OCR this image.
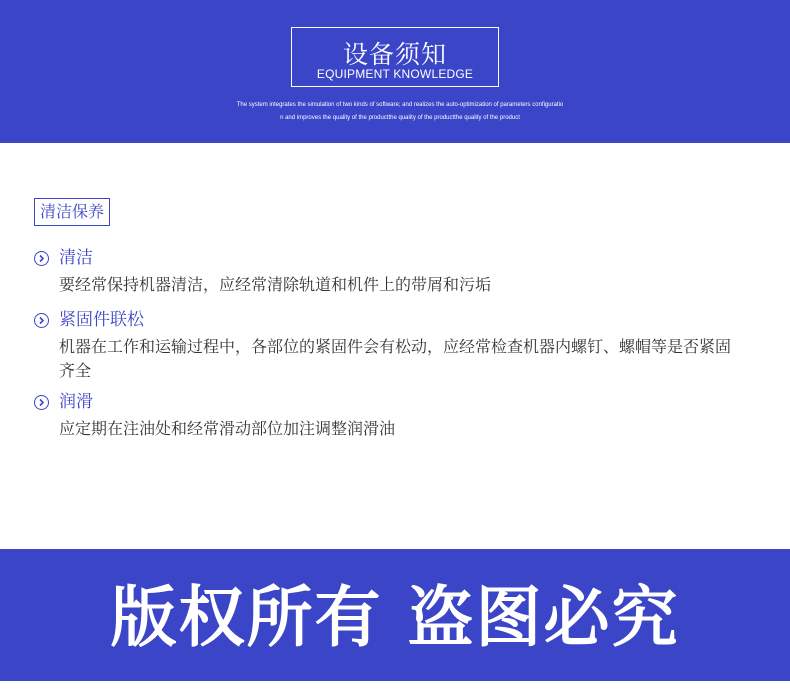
设备须知
EQUIPMENT KNOWLEDGE
The system integrates the simulation of two kinds of software; and realizes the auto-optimization of parameters configuratio
n and improves the quality of the productthe quality of the productthe quality of the product
清洁保养
清洁
要经常保持机器清洁，应经常清除轨道和机件上的带屑和污垢
紧固件联松
机器在工作和运输过程中，各部位的紧固件会有松动，应经常检查机器内螺钉、螺帽等是否紧固齐全
润滑
应定期在注油处和经常滑动部位加注调整润滑油
版权所有 盗图必究
